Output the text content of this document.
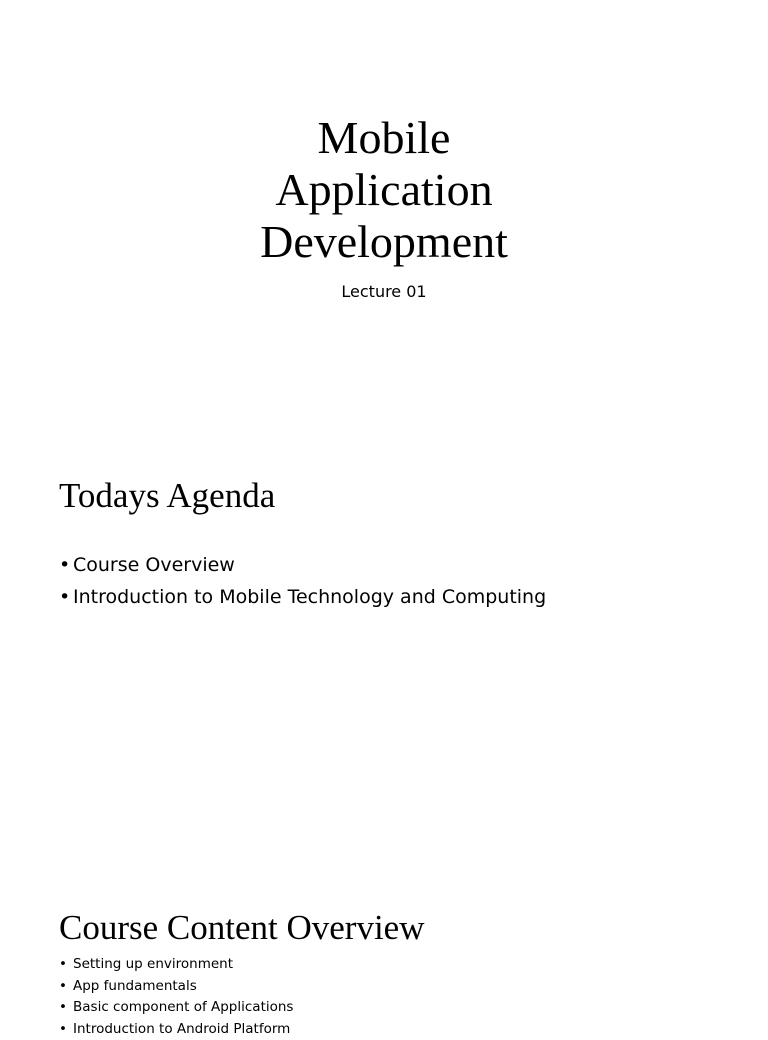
Mobile
Application
Development
Lecture 01
Todays Agenda
• Course Overview
• Introduction to Mobile Technology and Computing
Course Content Overview
• Setting up environment
• App fundamentals
• Basic component of Applications
• Introduction to Android Platform
